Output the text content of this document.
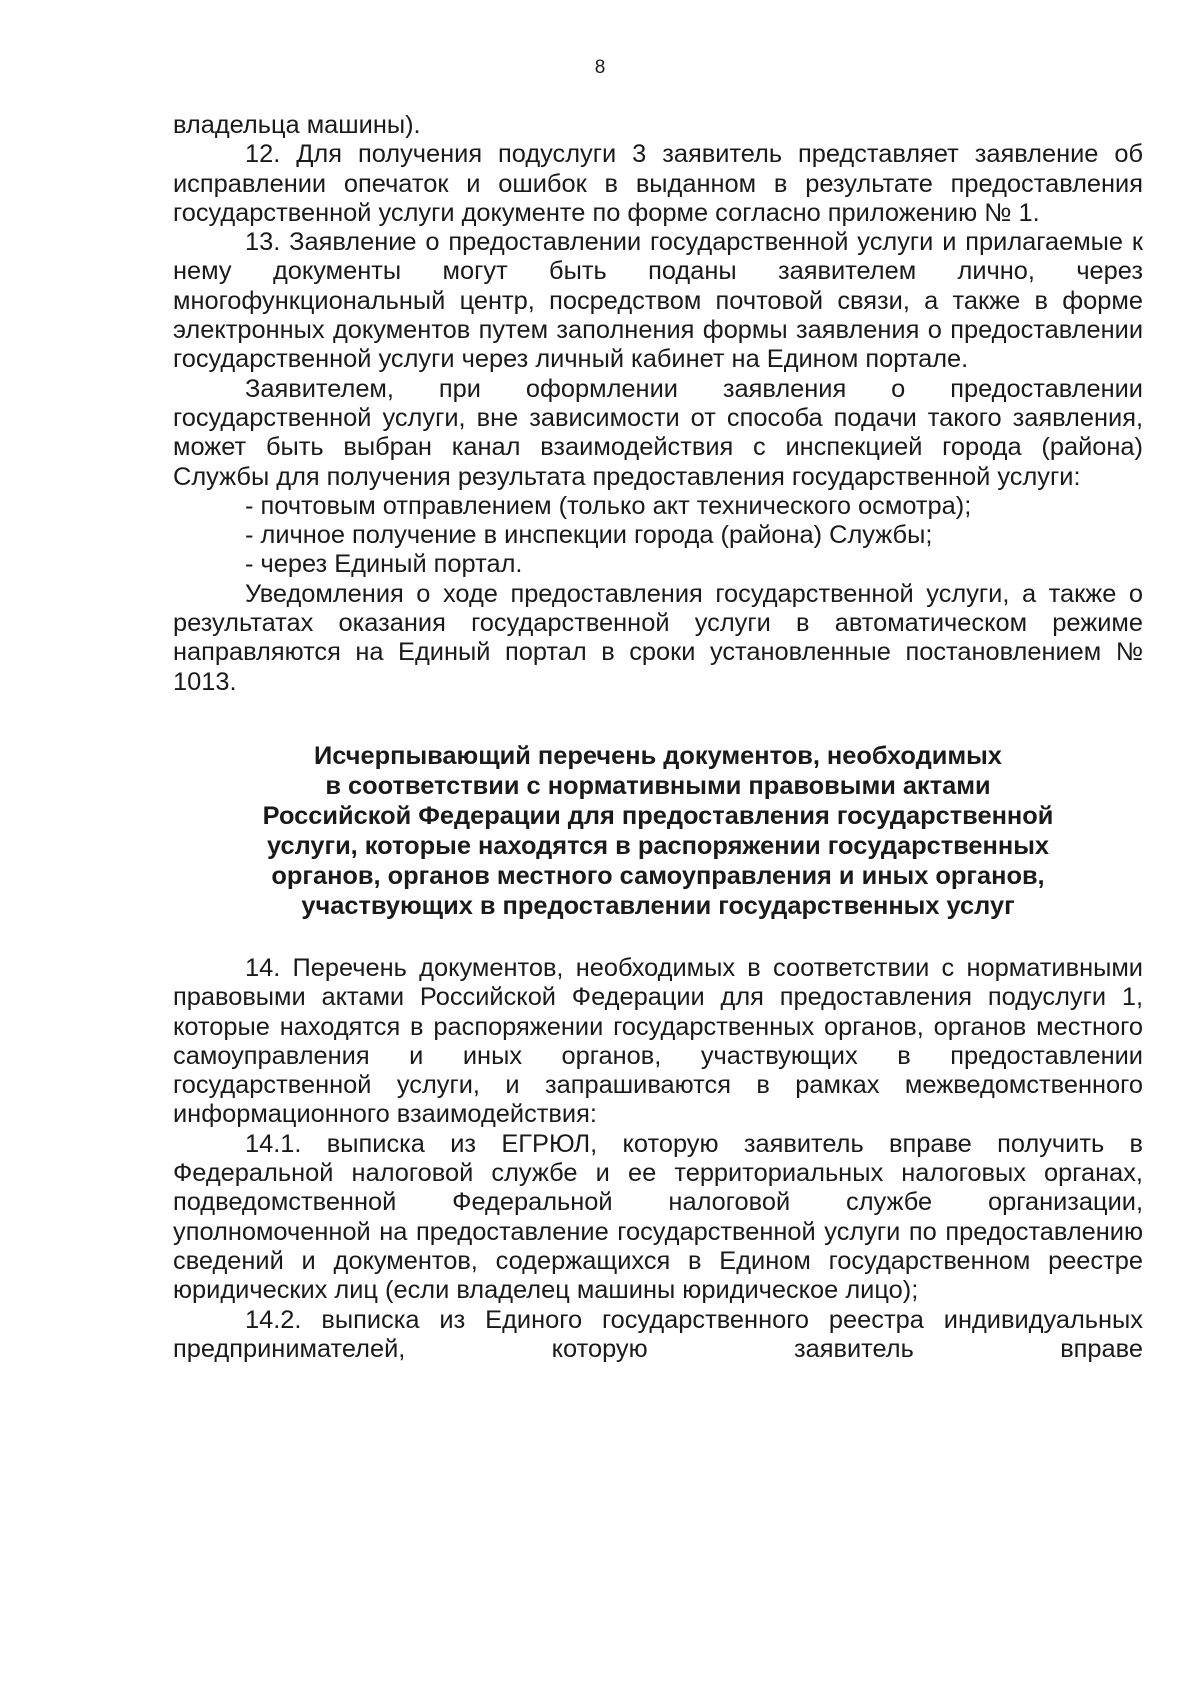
8

владельца машины).

12. Для получения подуслуги 3 заявитель представляет заявление об исправлении опечаток и ошибок в выданном в результате предоставления государственной услуги документе по форме согласно приложению № 1.

13. Заявление о предоставлении государственной услуги и прилагаемые к нему документы могут быть поданы заявителем лично, через многофункциональный центр, посредством почтовой связи, а также в форме электронных документов путем заполнения формы заявления о предоставлении государственной услуги через личный кабинет на Едином портале.

Заявителем, при оформлении заявления о предоставлении государственной услуги, вне зависимости от способа подачи такого заявления, может быть выбран канал взаимодействия с инспекцией города (района) Службы для получения результата предоставления государственной услуги:

- почтовым отправлением (только акт технического осмотра);

- личное получение в инспекции города (района) Службы;

- через Единый портал.

Уведомления о ходе предоставления государственной услуги, а также о результатах оказания государственной услуги в автоматическом режиме направляются на Единый портал в сроки установленные постановлением № 1013.

Исчерпывающий перечень документов, необходимых
в соответствии с нормативными правовыми актами
Российской Федерации для предоставления государственной
услуги, которые находятся в распоряжении государственных
органов, органов местного самоуправления и иных органов,
участвующих в предоставлении государственных услуг

14. Перечень документов, необходимых в соответствии с нормативными правовыми актами Российской Федерации для предоставления подуслуги 1, которые находятся в распоряжении государственных органов, органов местного самоуправления и иных органов, участвующих в предоставлении государственной услуги, и запрашиваются в рамках межведомственного информационного взаимодействия:

14.1. выписка из ЕГРЮЛ, которую заявитель вправе получить в Федеральной налоговой службе и ее территориальных налоговых органах, подведомственной Федеральной налоговой службе организации, уполномоченной на предоставление государственной услуги по предоставлению сведений и документов, содержащихся в Едином государственном реестре юридических лиц (если владелец машины юридическое лицо);

14.2. выписка из Единого государственного реестра индивидуальных предпринимателей, которую заявитель вправе
